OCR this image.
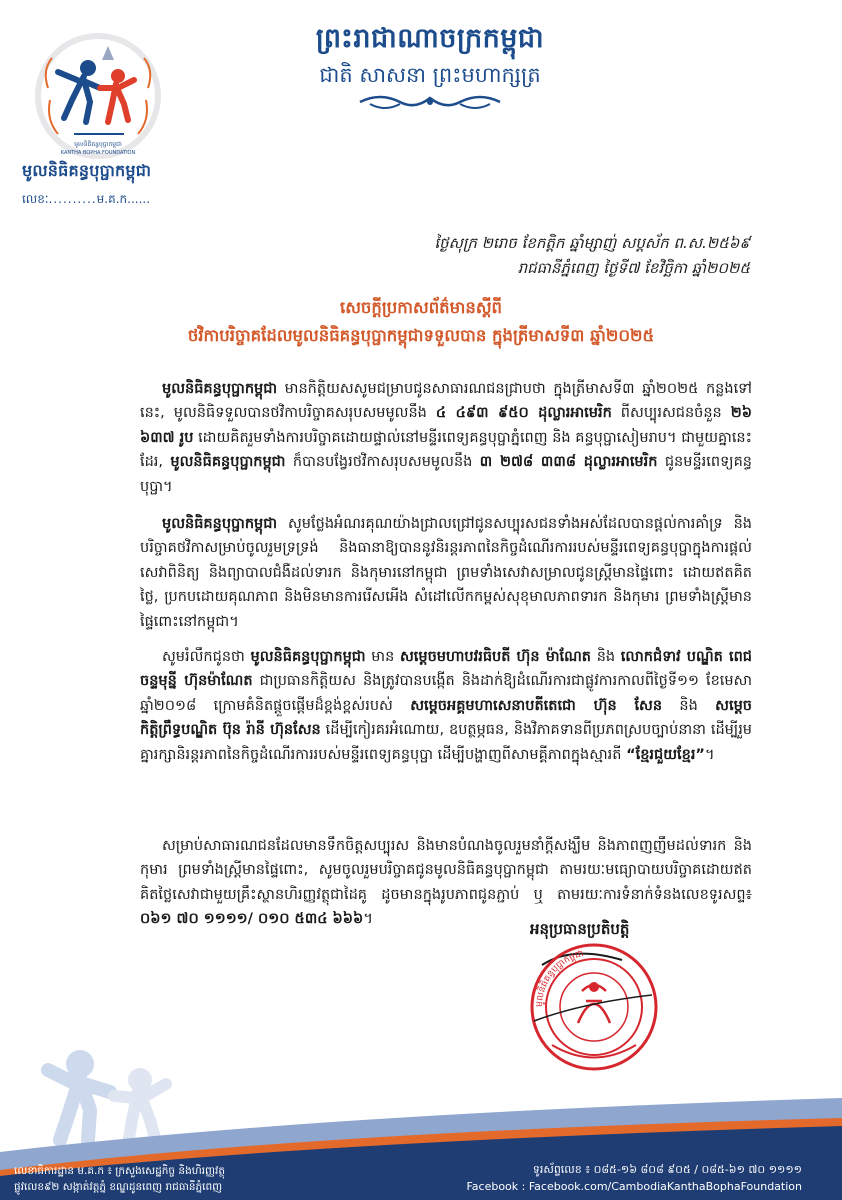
មូលនិធិគន្ធបុប្ផាកម្ពុជា
KANTHA BOPHA FOUNDATION
មូលនិធិគន្ធបុប្ផាកម្ពុជា
លេខៈ..........ម.គ.ក......
ព្រះរាជាណាចក្រកម្ពុជា
ជាតិ សាសនា ព្រះមហាក្សត្រ
ថ្ងៃសុក្រ ២រោច ខែកត្តិក ឆ្នាំម្សាញ់ សប្តស័ក ព.ស.២៥៦៩
រាជធានីភ្នំពេញ ថ្ងៃទី៧ ខែវិច្ឆិកា ឆ្នាំ២០២៥
សេចក្តីប្រកាសព័ត៌មានស្តីពី
ថវិកាបរិច្ចាគដែលមូលនិធិគន្ធបុប្ផាកម្ពុជាទទួលបាន ក្នុងត្រីមាសទី៣ ឆ្នាំ២០២៥
មូលនិធិគន្ធបុប្ផាកម្ពុជា មានកិត្តិយសសូមជម្រាបជូនសាធារណជនជ្រាបថា ក្នុងត្រីមាសទី៣ ឆ្នាំ២០២៥ កន្លងទៅនេះ, មូលនិធិទទួលបានថវិកាបរិច្ចាគសរុបសមមូលនឹង ៤ ៤៩៣ ៩៥០ ដុល្លារអាមេរិក ពីសប្បុរសជនចំនួន ២៦ ៦៣៧ រូប ដោយគិតរួមទាំងការបរិច្ចាគដោយផ្ទាល់នៅមន្ទីរពេទ្យគន្ធបុប្ផាភ្នំពេញ និង គន្ធបុប្ផាសៀមរាប។ ជាមួយគ្នានេះដែរ, មូលនិធិគន្ធបុប្ផាកម្ពុជា ក៏បានបង្វែរថវិកាសរុបសមមូលនឹង ៣ ២៧៨ ៣៣៨ ដុល្លារអាមេរិក ជូនមន្ទីរពេទ្យគន្ធបុប្ផា។
មូលនិធិគន្ធបុប្ផាកម្ពុជា សូមថ្លែងអំណរគុណយ៉ាងជ្រាលជ្រៅជូនសប្បុរសជនទាំងអស់ដែលបានផ្តល់ការគាំទ្រ និងបរិច្ចាគថវិកាសម្រាប់ចូលរួមទ្រទ្រង់ និងធានាឱ្យបាននូវនិរន្តរភាពនៃកិច្ចដំណើរការរបស់មន្ទីរពេទ្យគន្ធបុប្ផាក្នុងការផ្តល់សេវាពិនិត្យ និងព្យាបាលជំងឺដល់ទារក និងកុមារនៅកម្ពុជា ព្រមទាំងសេវាសម្រាលជូនស្ត្រីមានផ្ទៃពោះ ដោយឥតគិតថ្លៃ, ប្រកបដោយគុណភាព និងមិនមានការរើសអើង សំដៅលើកកម្ពស់សុខុមាលភាពទារក និងកុមារ ព្រមទាំងស្ត្រីមានផ្ទៃពោះនៅកម្ពុជា។
សូមរំលឹកជូនថា មូលនិធិគន្ធបុប្ផាកម្ពុជា មាន សម្តេចមហាបវរធិបតី ហ៊ុន ម៉ាណែត និង លោកជំទាវ បណ្ឌិត ពេជ ចន្ទមុន្នី ហ៊ុនម៉ាណែត ជាប្រធានកិត្តិយស និងត្រូវបានបង្កើត និងដាក់ឱ្យដំណើរការជាផ្លូវការកាលពីថ្ងៃទី១១ ខែមេសា ឆ្នាំ២០១៨ ក្រោមគំនិតផ្តួចផ្តើមដ៏ខ្ពង់ខ្ពស់របស់ សម្តេចអគ្គមហាសេនាបតីតេជោ ហ៊ុន សែន និង សម្តេចកិត្តិព្រឹទ្ធបណ្ឌិត ប៊ុន រ៉ានី ហ៊ុនសែន ដើម្បីកៀរគរអំណោយ, ឧបត្ថម្ភធន, និងវិភាគទានពីប្រភពស្របច្បាប់នានា ដើម្បីរួមគ្នារក្សានិរន្តរភាពនៃកិច្ចដំណើរការរបស់មន្ទីរពេទ្យគន្ធបុប្ផា ដើម្បីបង្ហាញពីសាមគ្គីភាពក្នុងស្មារតី “ខ្មែរជួយខ្មែរ”។
សម្រាប់សាធារណជនដែលមានទឹកចិត្តសប្បុរស និងមានបំណងចូលរួមនាំក្តីសង្ឃឹម និងភាពញញឹមដល់ទារក និងកុមារ ព្រមទាំងស្ត្រីមានផ្ទៃពោះ, សូមចូលរួមបរិច្ចាគជូនមូលនិធិគន្ធបុប្ផាកម្ពុជា តាមរយៈមធ្យោបាយបរិច្ចាគដោយឥតគិតថ្លៃសេវាជាមួយគ្រឹះស្ថានហិរញ្ញវត្ថុជាដៃគូ ដូចមានក្នុងរូបភាពជូនភ្ជាប់ ឬ តាមរយៈការទំនាក់ទំនងលេខទូរសព្ទ៖ ០៦១ ៧០ ១១១១/ ០១០ ៥៣៤ ៦៦៦។
អនុប្រធានប្រតិបត្តិ
មូលនិធិគន្ធបុប្ផាកម្ពុជា
លេខាធិការដ្ឋាន ម.គ.ក ៖ ក្រសួងសេដ្ឋកិច្ច និងហិរញ្ញវត្ថុ
ផ្លូវលេខ៩២ សង្កាត់វត្តភ្នំ ខណ្ឌដូនពេញ រាជធានីភ្នំពេញ
ទូរស័ព្ទលេខ ៖ ០៨៥-១៦ ៨០៨ ៩០៥ / ០៨៥-៦១ ៧០ ១១១១
Facebook : Facebook.com/CambodiaKanthaBophaFoundation
